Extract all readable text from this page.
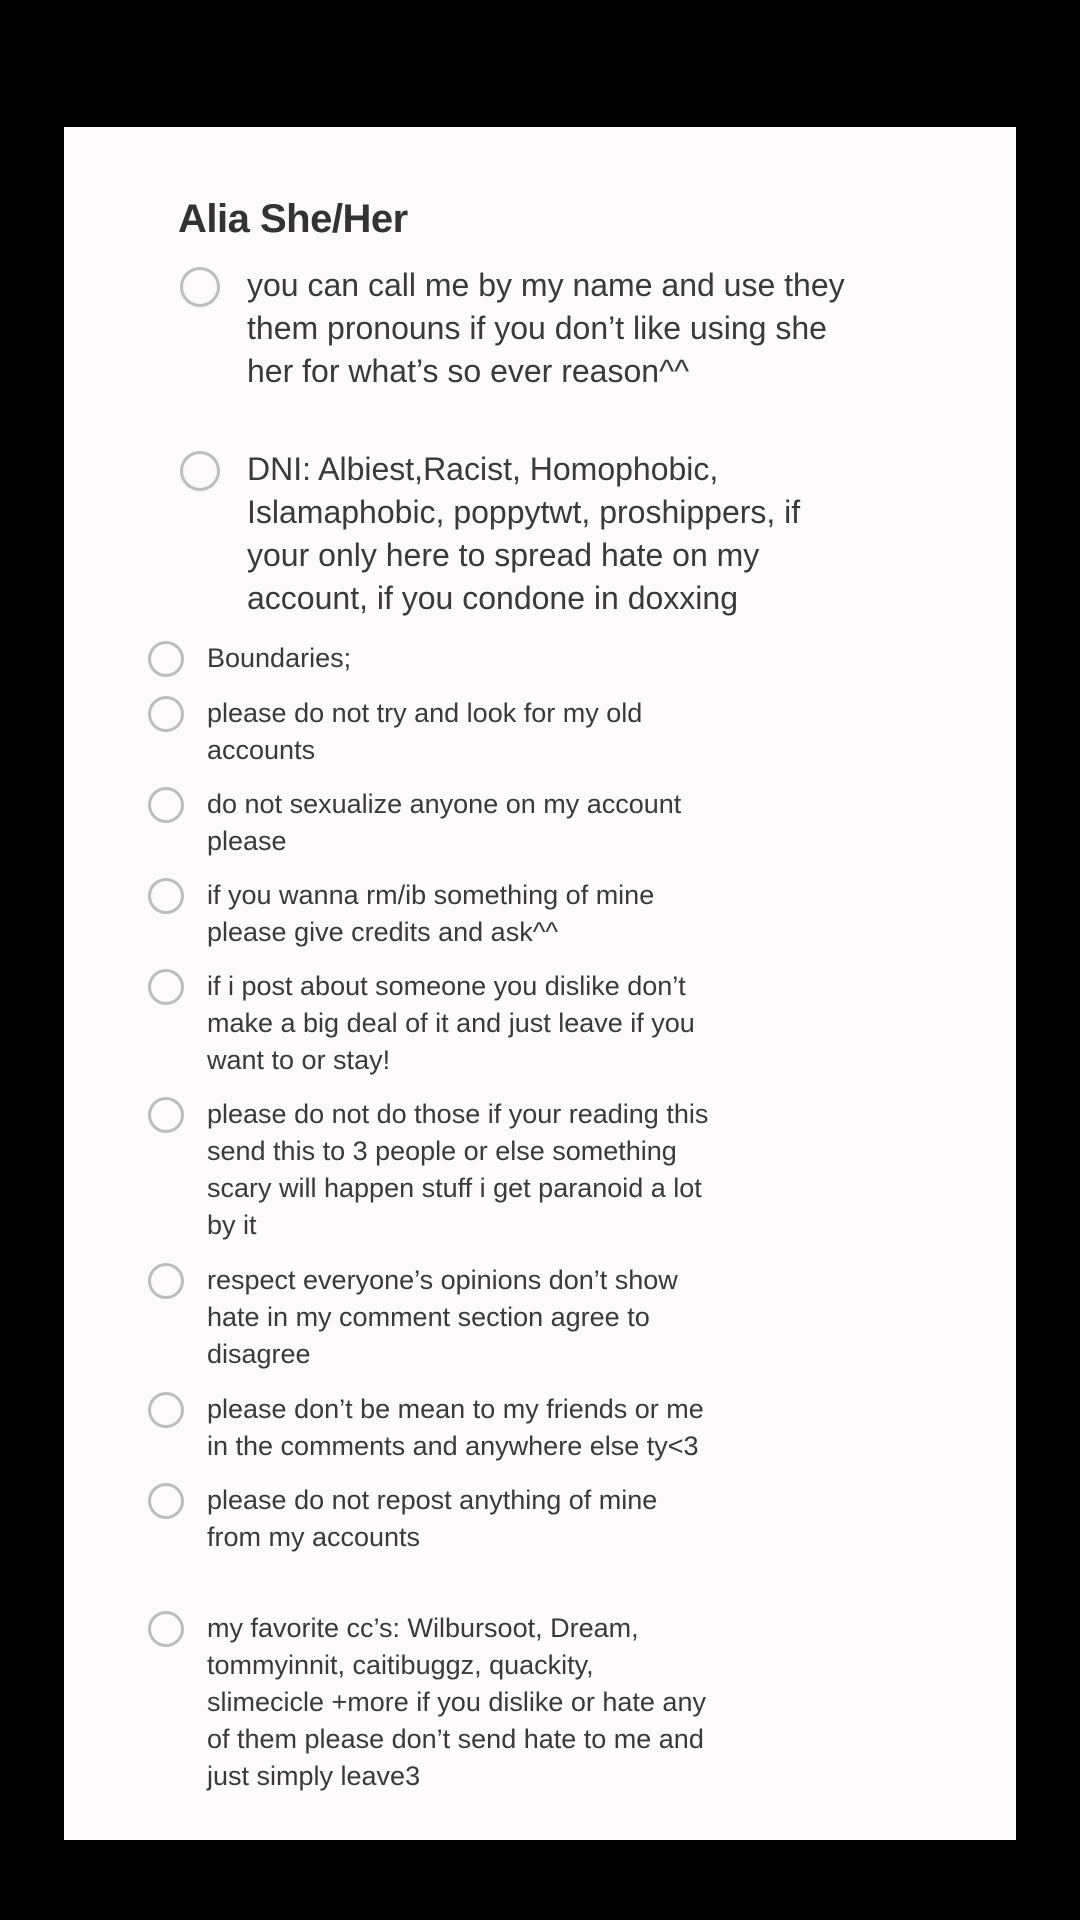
Alia She/Her
you can call me by my name and use they
them pronouns if you don’t like using she
her for what’s so ever reason^^
DNI: Albiest,Racist, Homophobic,
Islamaphobic, poppytwt, proshippers, if
your only here to spread hate on my
account, if you condone in doxxing
Boundaries;
please do not try and look for my old
accounts
do not sexualize anyone on my account
please
if you wanna rm/ib something of mine
please give credits and ask^^
if i post about someone you dislike don’t
make a big deal of it and just leave if you
want to or stay!
please do not do those if your reading this
send this to 3 people or else something
scary will happen stuff i get paranoid a lot
by it
respect everyone’s opinions don’t show
hate in my comment section agree to
disagree
please don’t be mean to my friends or me
in the comments and anywhere else ty<3
please do not repost anything of mine
from my accounts
my favorite cc’s: Wilbursoot, Dream,
tommyinnit, caitibuggz, quackity,
slimecicle +more if you dislike or hate any
of them please don’t send hate to me and
just simply leave3
